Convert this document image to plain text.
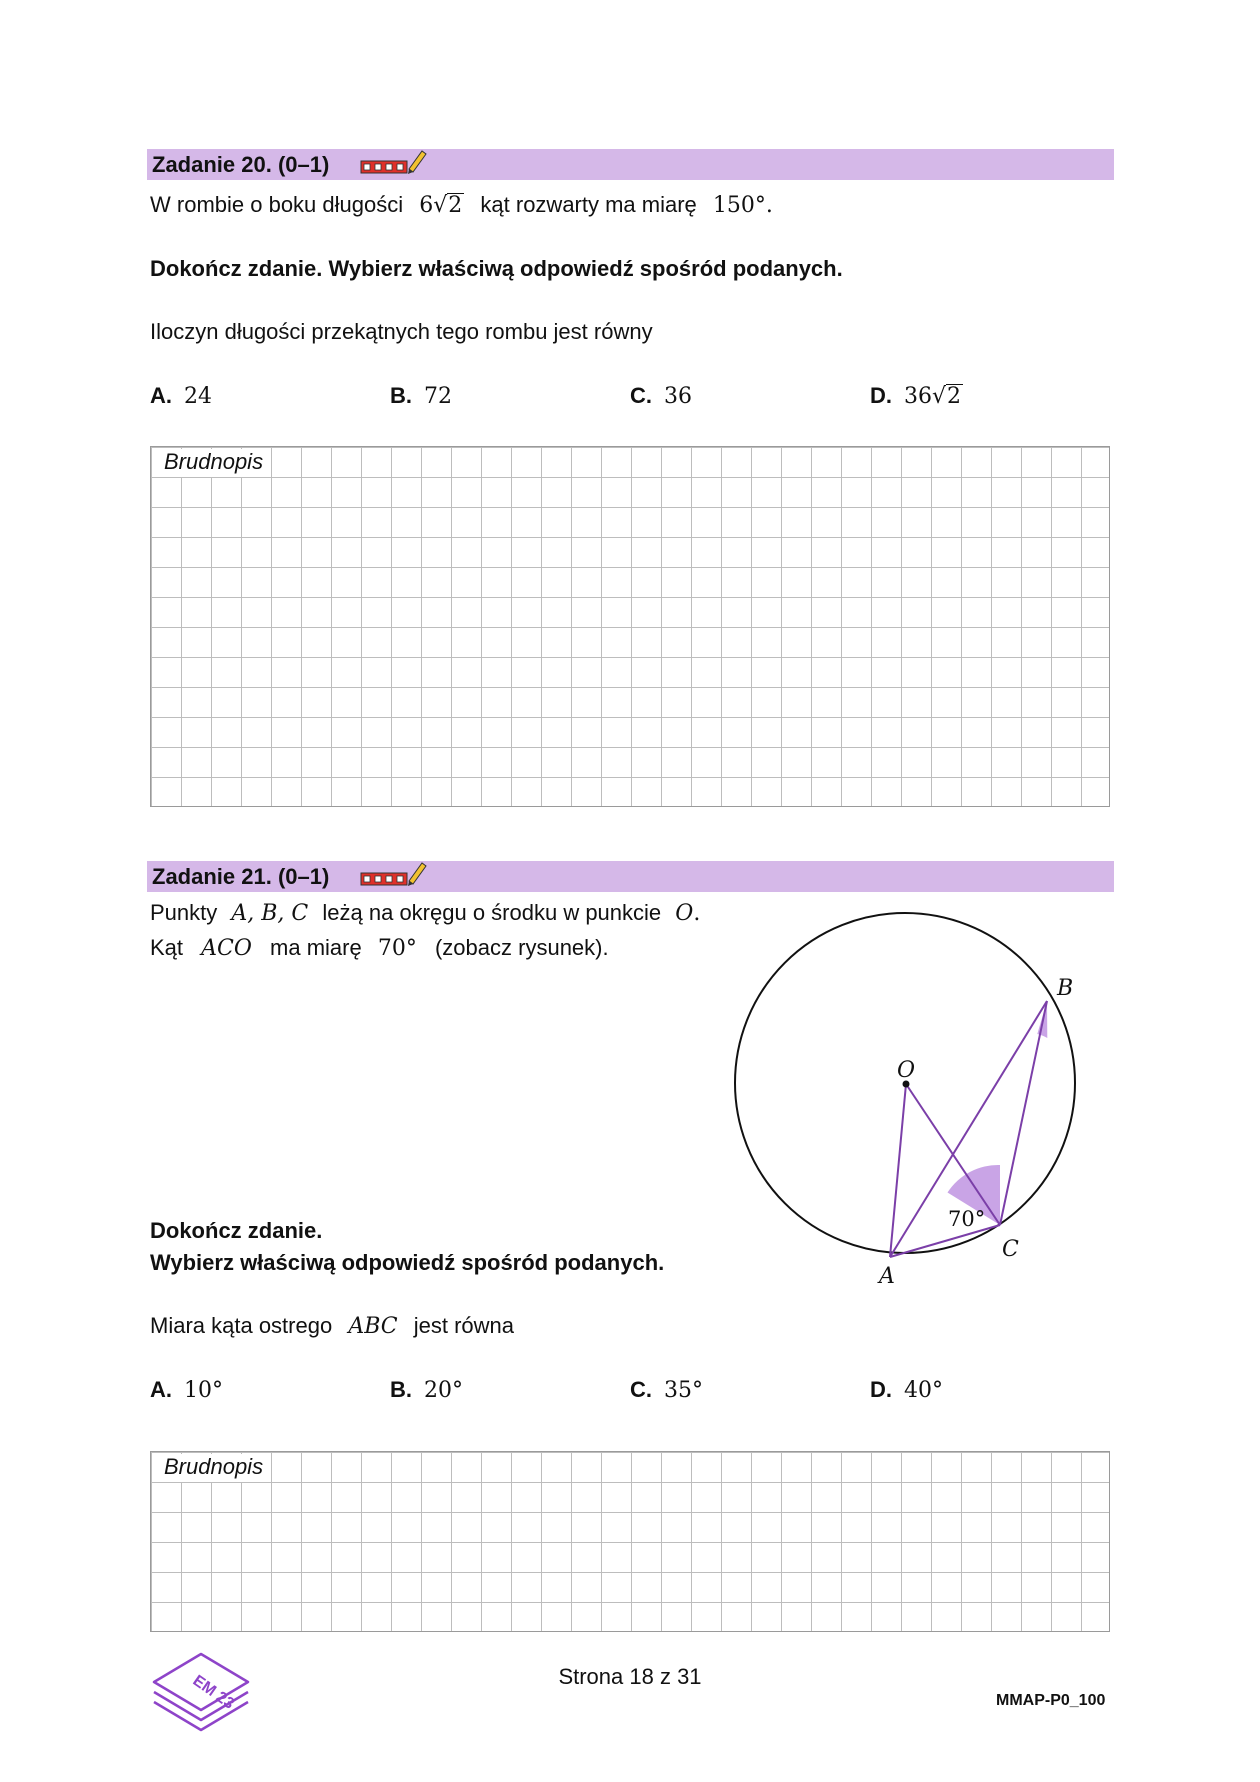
Zadanie 20. (0–1)
W rombie o boku długości 6√2 kąt rozwarty ma miarę 150°.
Dokończ zdanie. Wybierz właściwą odpowiedź spośród podanych.
Iloczyn długości przekątnych tego rombu jest równy
A. 24	B. 72	C. 36	D. 36√2
Brudnopis
Zadanie 21. (0–1)
Punkty A, B, C leżą na okręgu o środku w punkcie O.
Kąt ACO ma miarę 70° (zobacz rysunek).
O
A
B
C
70°
Dokończ zdanie.
Wybierz właściwą odpowiedź spośród podanych.
Miara kąta ostrego ABC jest równa
A. 10°	B. 20°	C. 35°	D. 40°
Brudnopis
EM 23	Strona 18 z 31
MMAP-P0_100
